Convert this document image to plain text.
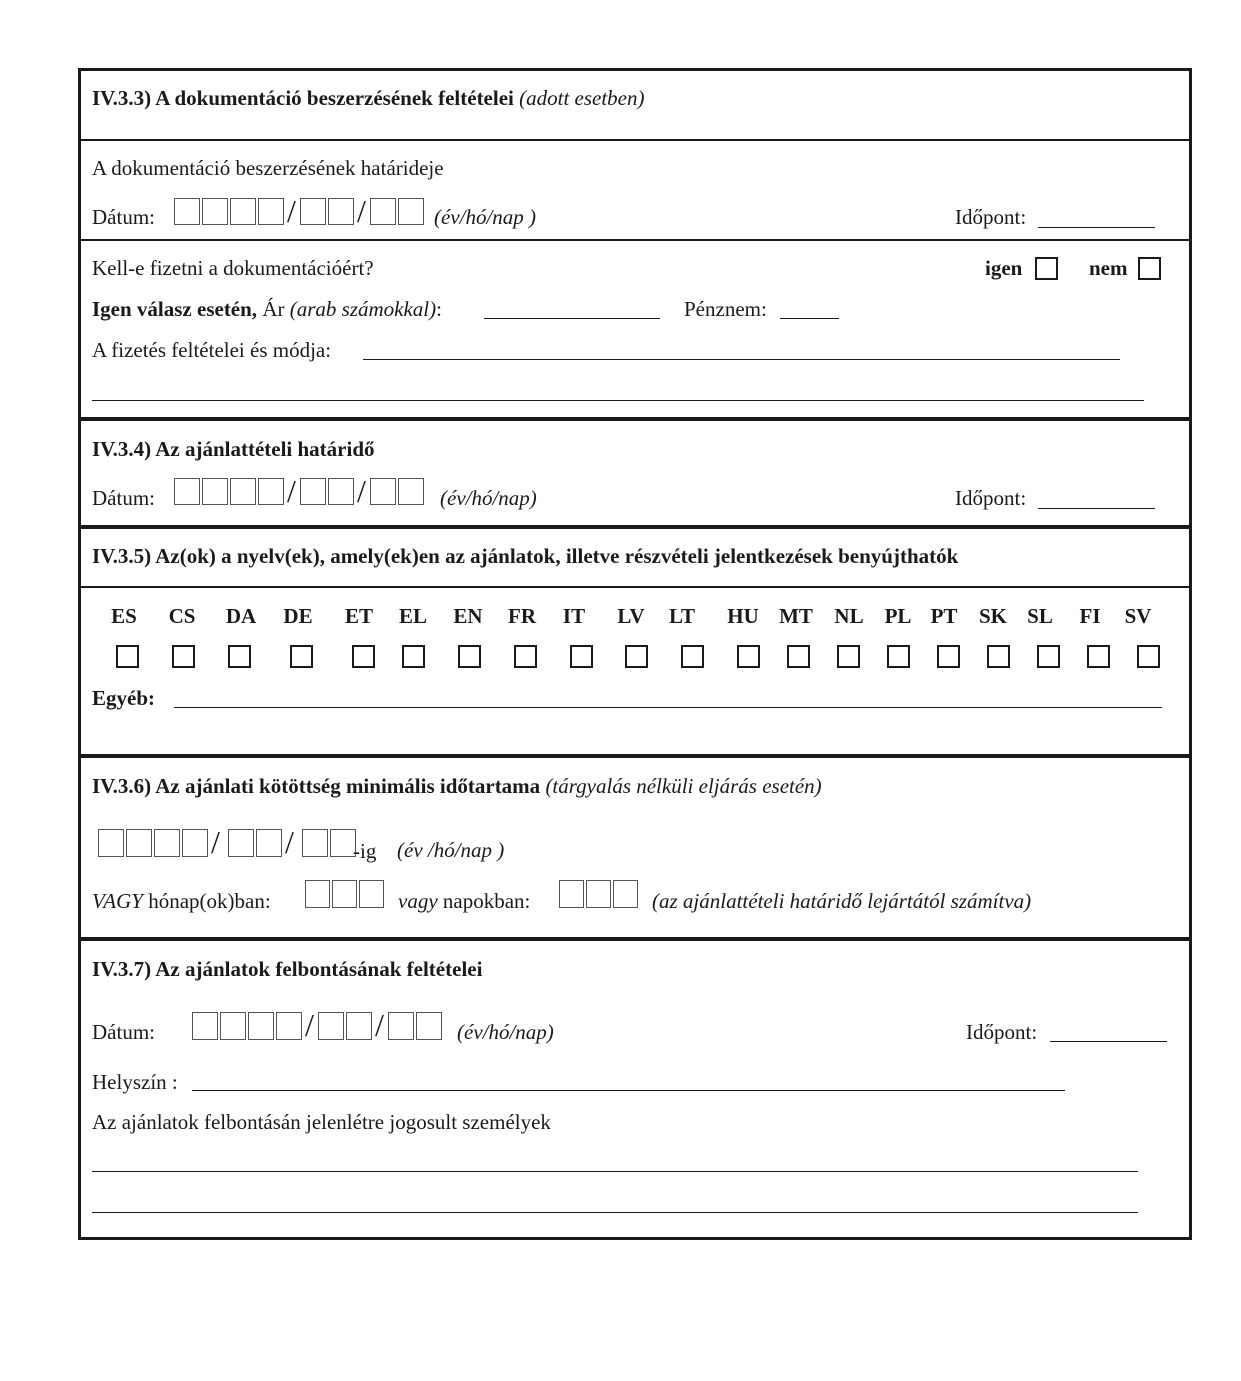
IV.3.3) A dokumentáció beszerzésének feltételei (adott esetben)
A dokumentáció beszerzésének határideje
Dátum:	/ /	(év/hó/nap )	Időpont:
Kell-e fizetni a dokumentációért?	igen	nem
Igen válasz esetén, Ár (arab számokkal):	Pénznem:
A fizetés feltételei és módja:
IV.3.4) Az ajánlattételi határidő
Dátum:	/ /	(év/hó/nap)	Időpont:
IV.3.5) Az(ok) a nyelv(ek), amely(ek)en az ajánlatok, illetve részvételi jelentkezések benyújthatók
ES	CS	DA DE ET EL EN FR	IT	LV	LT	HU MT NL PL PT	SK SL	FI	SV
Egyéb:
IV.3.6) Az ajánlati kötöttség minimális időtartama (tárgyalás nélküli eljárás esetén)
/ /	-ig (év /hó/nap )
VAGY hónap(ok)ban:	vagy napokban:	(az ajánlattételi határidő lejártától számítva)
IV.3.7) Az ajánlatok felbontásának feltételei
Dátum:	/ /	(év/hó/nap)	Időpont:
Helyszín :
Az ajánlatok felbontásán jelenlétre jogosult személyek
